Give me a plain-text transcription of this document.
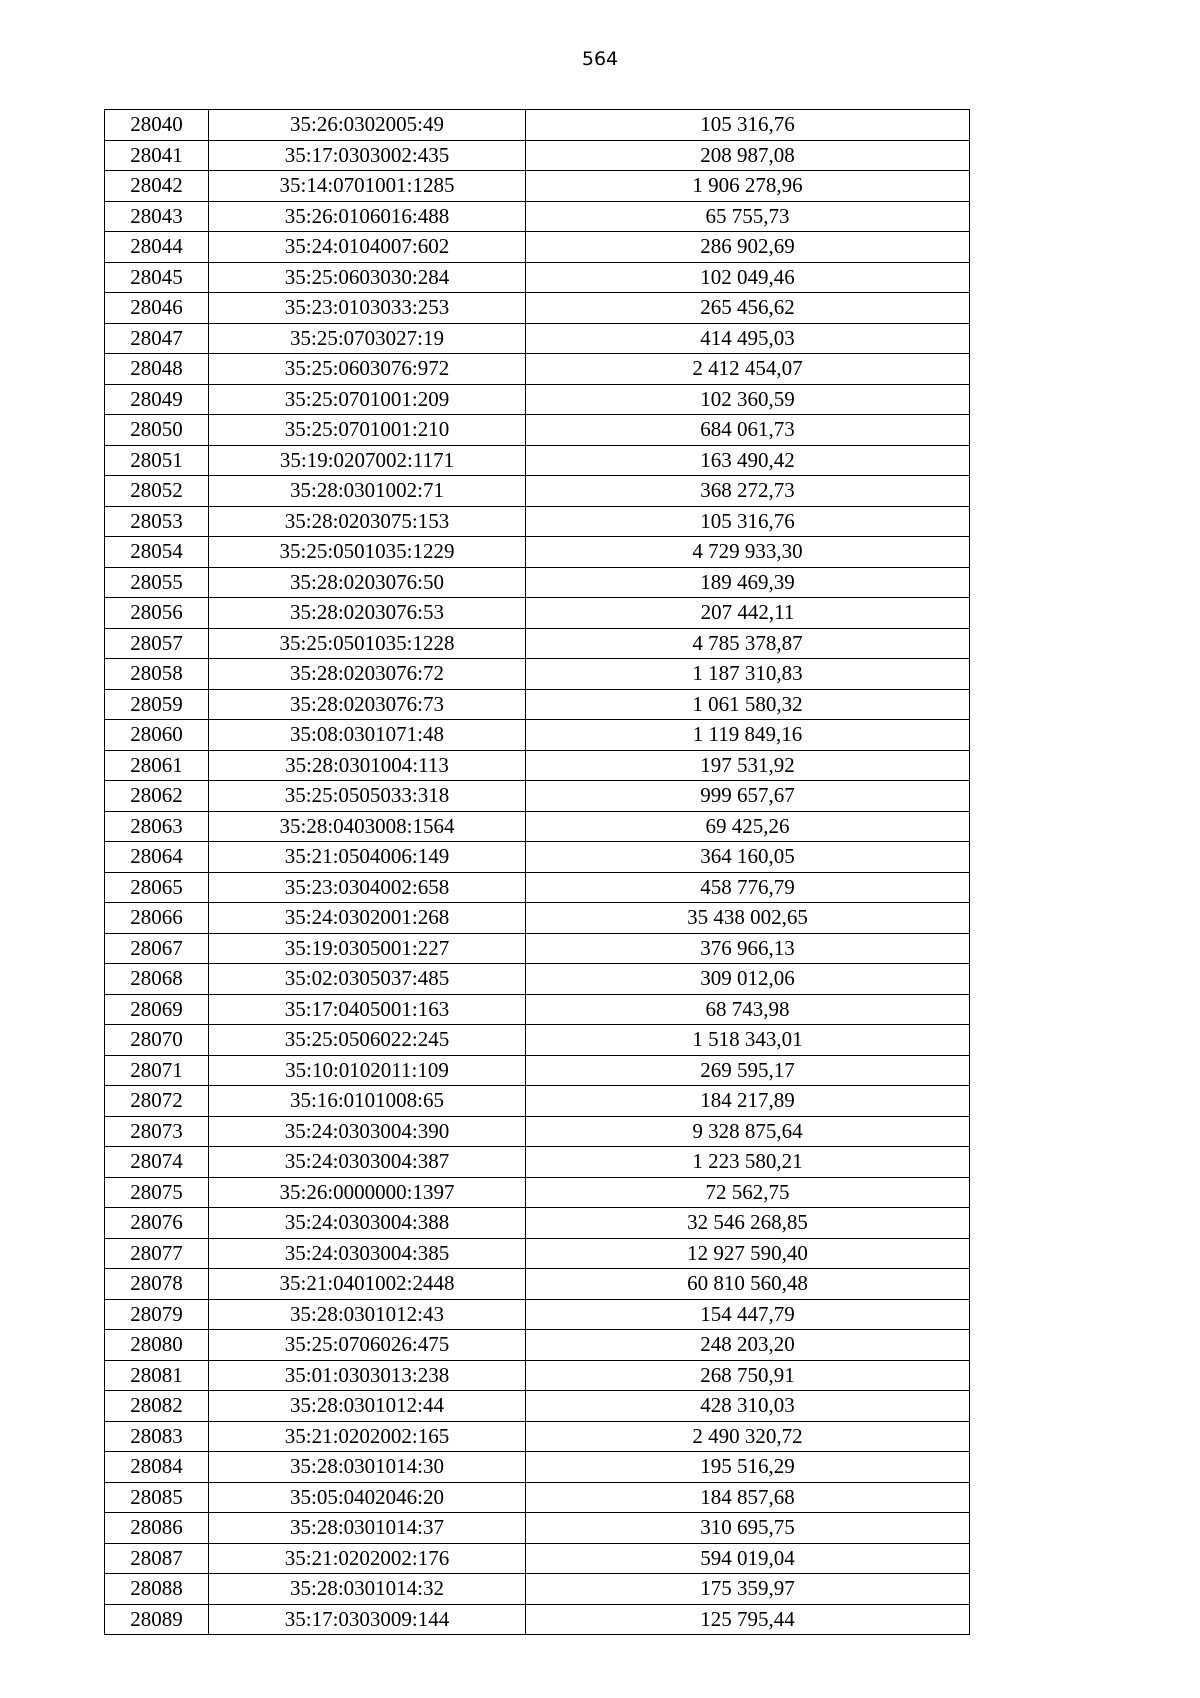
564
28040	35:26:0302005:49	105 316,76
28041	35:17:0303002:435	208 987,08
28042	35:14:0701001:1285	1 906 278,96
28043	35:26:0106016:488	65 755,73
28044	35:24:0104007:602	286 902,69
28045	35:25:0603030:284	102 049,46
28046	35:23:0103033:253	265 456,62
28047	35:25:0703027:19	414 495,03
28048	35:25:0603076:972	2 412 454,07
28049	35:25:0701001:209	102 360,59
28050	35:25:0701001:210	684 061,73
28051	35:19:0207002:1171	163 490,42
28052	35:28:0301002:71	368 272,73
28053	35:28:0203075:153	105 316,76
28054	35:25:0501035:1229	4 729 933,30
28055	35:28:0203076:50	189 469,39
28056	35:28:0203076:53	207 442,11
28057	35:25:0501035:1228	4 785 378,87
28058	35:28:0203076:72	1 187 310,83
28059	35:28:0203076:73	1 061 580,32
28060	35:08:0301071:48	1 119 849,16
28061	35:28:0301004:113	197 531,92
28062	35:25:0505033:318	999 657,67
28063	35:28:0403008:1564	69 425,26
28064	35:21:0504006:149	364 160,05
28065	35:23:0304002:658	458 776,79
28066	35:24:0302001:268	35 438 002,65
28067	35:19:0305001:227	376 966,13
28068	35:02:0305037:485	309 012,06
28069	35:17:0405001:163	68 743,98
28070	35:25:0506022:245	1 518 343,01
28071	35:10:0102011:109	269 595,17
28072	35:16:0101008:65	184 217,89
28073	35:24:0303004:390	9 328 875,64
28074	35:24:0303004:387	1 223 580,21
28075	35:26:0000000:1397	72 562,75
28076	35:24:0303004:388	32 546 268,85
28077	35:24:0303004:385	12 927 590,40
28078	35:21:0401002:2448	60 810 560,48
28079	35:28:0301012:43	154 447,79
28080	35:25:0706026:475	248 203,20
28081	35:01:0303013:238	268 750,91
28082	35:28:0301012:44	428 310,03
28083	35:21:0202002:165	2 490 320,72
28084	35:28:0301014:30	195 516,29
28085	35:05:0402046:20	184 857,68
28086	35:28:0301014:37	310 695,75
28087	35:21:0202002:176	594 019,04
28088	35:28:0301014:32	175 359,97
28089	35:17:0303009:144	125 795,44
